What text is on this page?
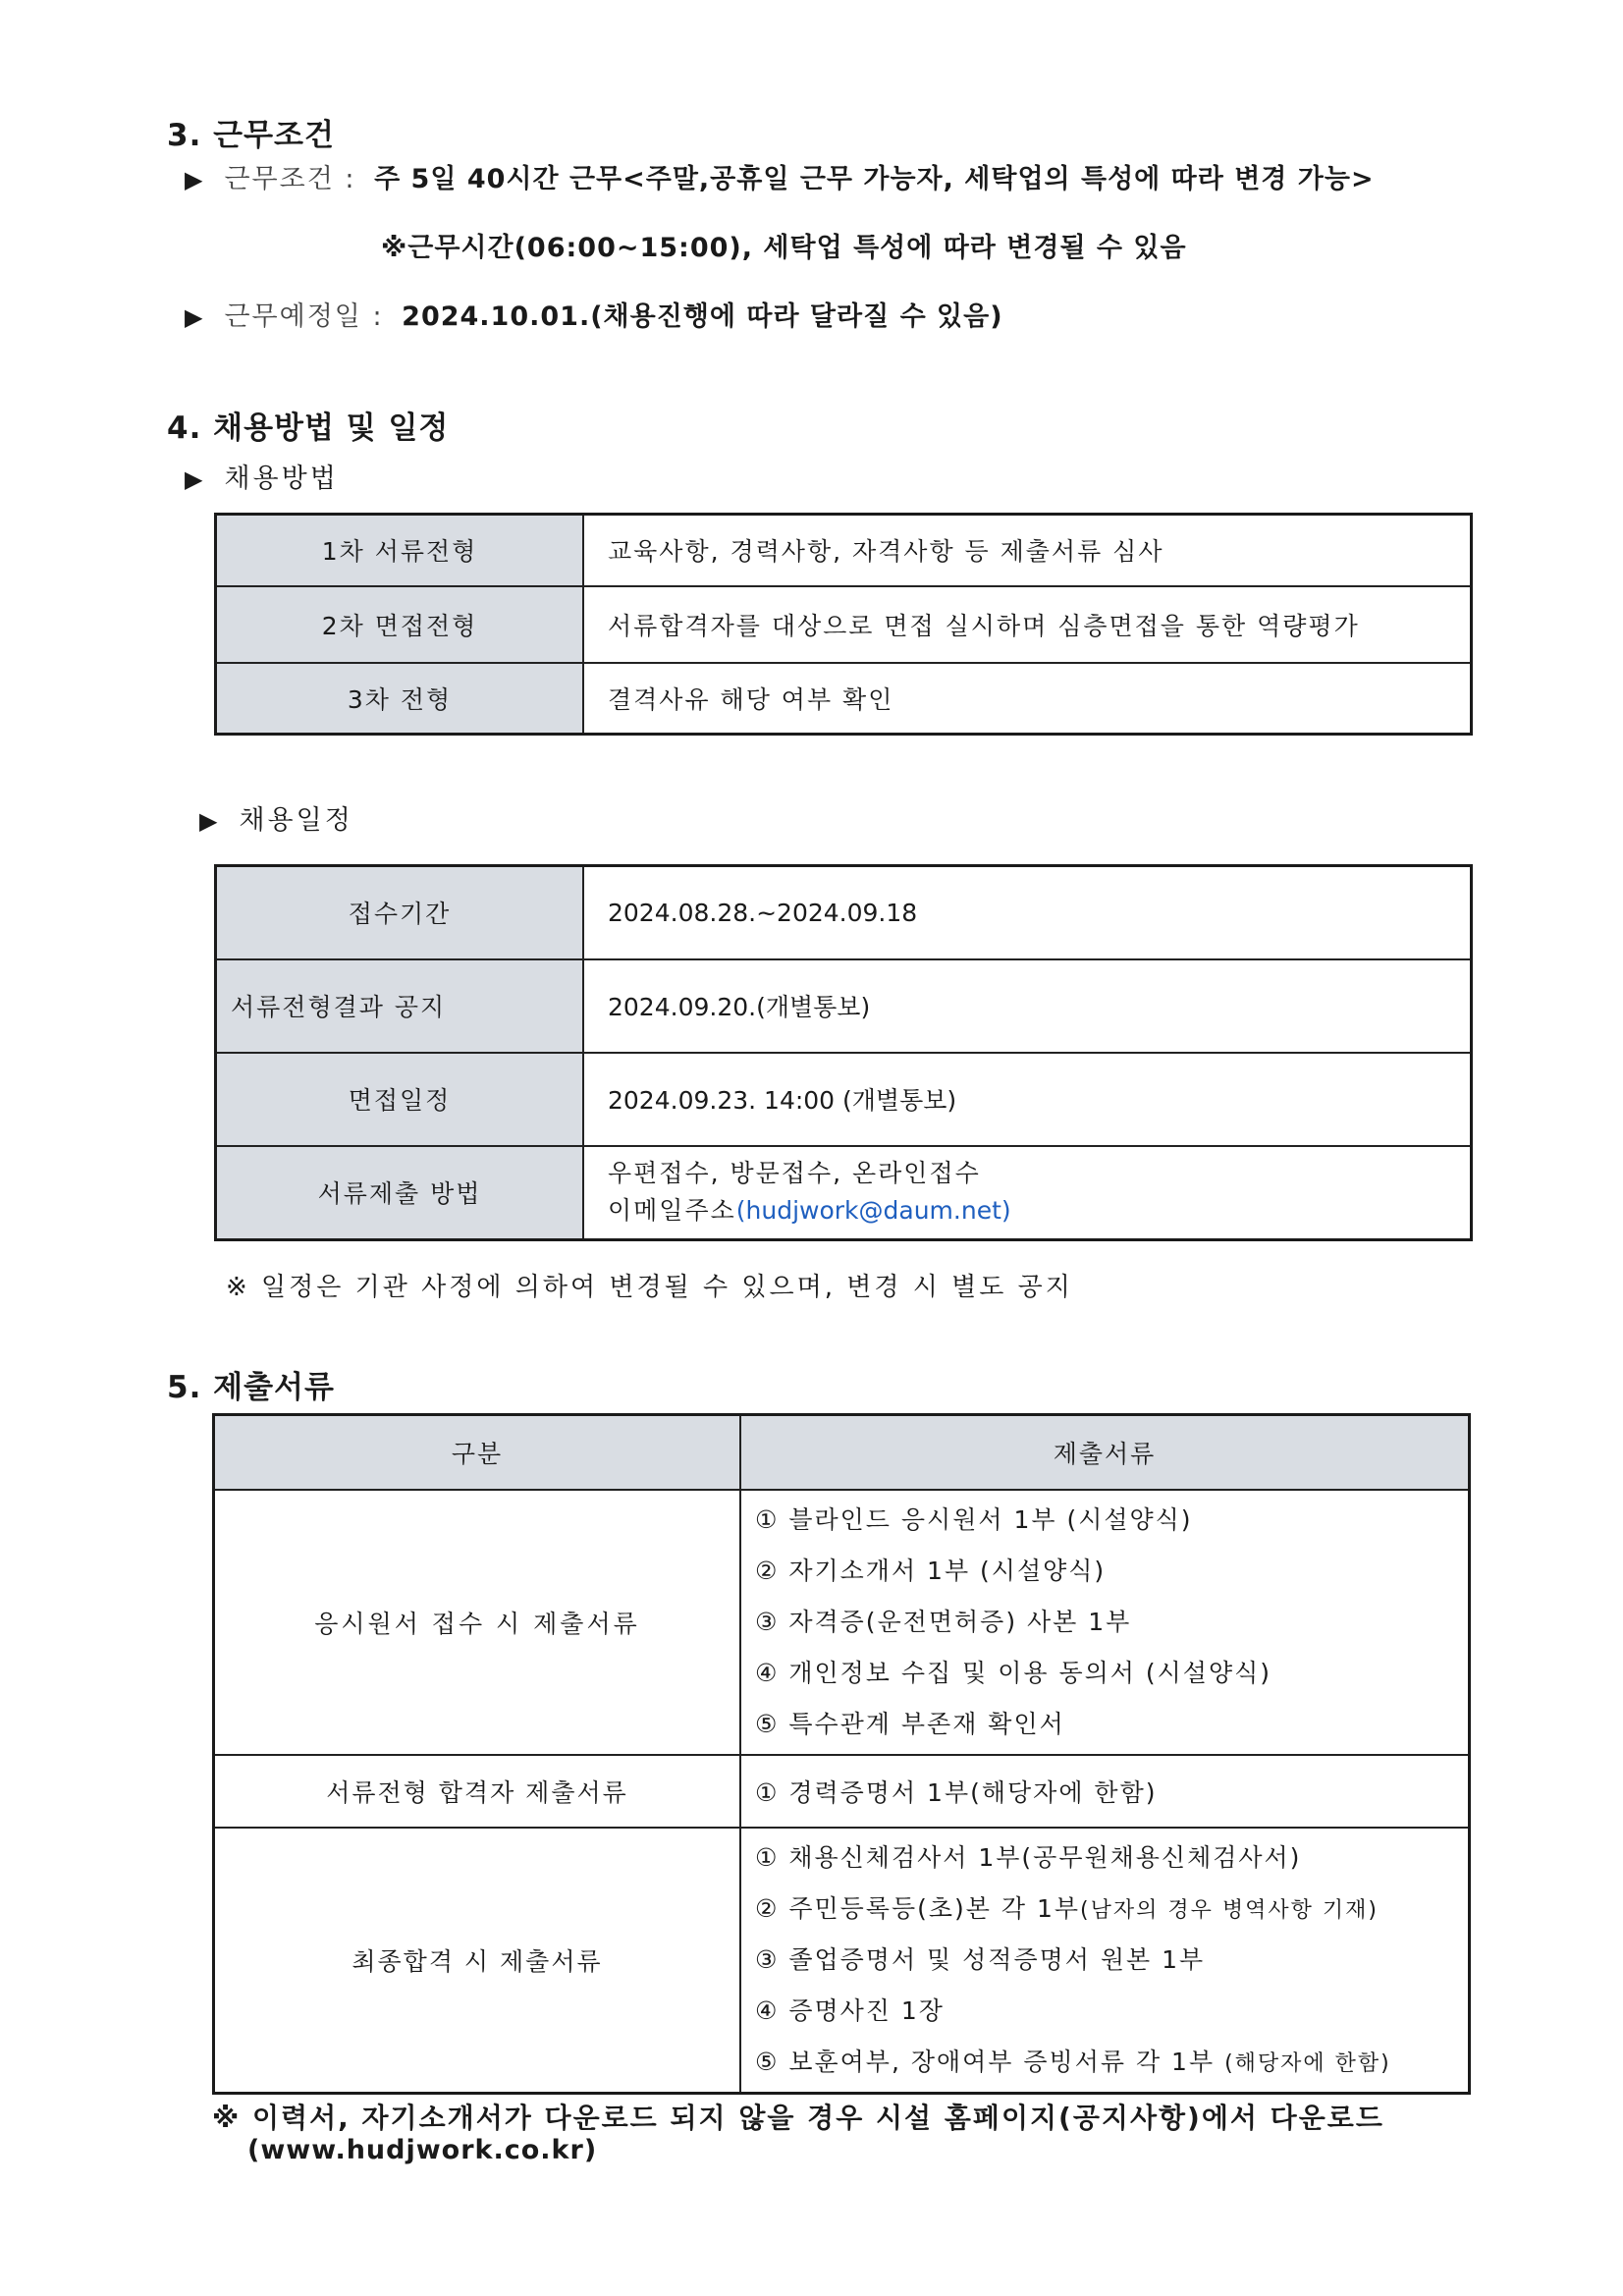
3. 근무조건
▶ 근무조건 : 주 5일 40시간 근무<주말,공휴일 근무 가능자, 세탁업의 특성에 따라 변경 가능>
※근무시간(06:00~15:00), 세탁업 특성에 따라 변경될 수 있음
▶ 근무예정일 : 2024.10.01.(채용진행에 따라 달라질 수 있음)
4. 채용방법 및 일정
▶ 채용방법
1차 서류전형	교육사항, 경력사항, 자격사항 등 제출서류 심사
2차 면접전형	서류합격자를 대상으로 면접 실시하며 심층면접을 통한 역량평가
3차 전형	결격사유 해당 여부 확인
▶ 채용일정
접수기간	2024.08.28.~2024.09.18
서류전형결과 공지	2024.09.20.(개별통보)
면접일정	2024.09.23. 14:00 (개별통보)
서류제출 방법	우편접수, 방문접수, 온라인접수
이메일주소(hudjwork@daum.net)
※ 일정은 기관 사정에 의하여 변경될 수 있으며, 변경 시 별도 공지
5. 제출서류
구분	제출서류
응시원서 접수 시 제출서류	① 블라인드 응시원서 1부 (시설양식)
② 자기소개서 1부 (시설양식)
③ 자격증(운전면허증) 사본 1부
④ 개인정보 수집 및 이용 동의서 (시설양식)
⑤ 특수관계 부존재 확인서

서류전형 합격자 제출서류	① 경력증명서 1부(해당자에 한함)

최종합격 시 제출서류	① 채용신체검사서 1부(공무원채용신체검사서)
② 주민등록등(초)본 각 1부(남자의 경우 병역사항 기재)
③ 졸업증명서 및 성적증명서 원본 1부
④ 증명사진 1장
⑤ 보훈여부, 장애여부 증빙서류 각 1부 (해당자에 한함)
※ 이력서, 자기소개서가 다운로드 되지 않을 경우 시설 홈페이지(공지사항)에서 다운로드
(www.hudjwork.co.kr)
